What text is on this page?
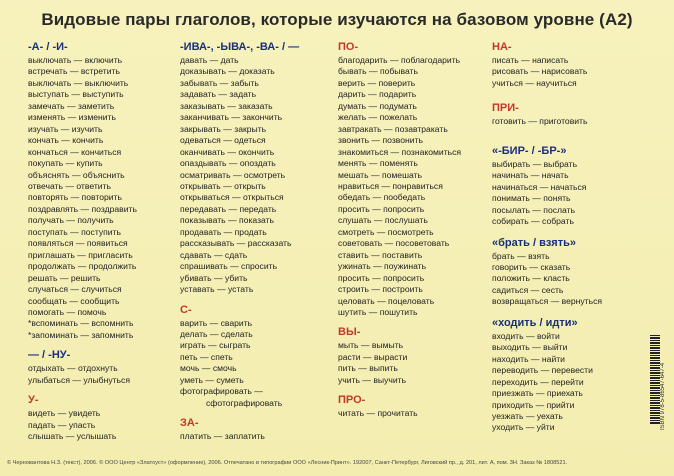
Видовые пары глаголов, которые изучаются на базовом уровне (A2)
-А- / -И-
выключать — включить
встречать — встретить
выключать — выключить
выступать — выступить
замечать — заметить
изменять — изменить
изучать — изучить
кончать — кончить
кончаться — кончиться
покупать — купить
объяснять — объяснить
отвечать — ответить
повторять — повторить
поздравлять — поздравить
получать — получить
поступать — поступить
появляться — появиться
приглашать — пригласить
продолжать — продолжить
решать — решить
случаться — случиться
сообщать — сообщить
помогать — помочь
*вспоминать — вспомнить
*запоминать — запомнить
— / -НУ-
отдыхать — отдохнуть
улыбаться — улыбнуться
У-
видеть — увидеть
падать — упасть
слышать — услышать
-ИВА-, -ЫВА-, -ВА- / —
давать — дать
доказывать — доказать
забывать — забыть
задавать — задать
заказывать — заказать
заканчивать — закончить
закрывать — закрыть
одеваться — одеться
оканчивать — окончить
опаздывать — опоздать
осматривать — осмотреть
открывать — открыть
открываться — открыться
передавать — передать
показывать — показать
продавать — продать
рассказывать — рассказать
сдавать — сдать
спрашивать — спросить
убивать — убить
уставать — устать
С-
варить — сварить
делать — сделать
играть — сыграть
петь — спеть
мочь — смочь
уметь — суметь
фотографировать —
сфотографировать
ЗА-
платить — заплатить
ПО-
благодарить — поблагодарить
бывать — побывать
верить — поверить
дарить — подарить
думать — подумать
желать — пожелать
завтракать — позавтракать
звонить — позвонить
знакомиться — познакомиться
менять — поменять
мешать — помешать
нравиться — понравиться
обедать — пообедать
просить — попросить
слушать — послушать
смотреть — посмотреть
советовать — посоветовать
ставить — поставить
ужинать — поужинать
просить — попросить
строить — построить
целовать — поцеловать
шутить — пошутить
ВЫ-
мыть — вымыть
расти — вырасти
пить — выпить
учить — выучить
ПРО-
читать — прочитать
НА-
писать — написать
рисовать — нарисовать
учиться — научиться
ПРИ-
готовить — приготовить
«-БИР- / -БР-»
выбирать — выбрать
начинать — начать
начинаться — начаться
понимать — понять
посылать — послать
собирать — собрать
«брать / взять»
брать — взять
говорить — сказать
положить — класть
садиться — сесть
возвращаться — вернуться
«ходить / идти»
входить — войти
выходить — выйти
находить — найти
переводить — перевести
переходить — перейти
приезжать — приехать
приходить — прийти
уезжать — уехать
уходить — уйти	ISBN 978-5-86547-647-4
© Черновантова Н.З. (текст), 2006. © ООО Центр «Златоуст» (оформление), 2006. Отпечатано в типографии ООО «Лесник-Принт». 192007, Санкт-Петербург, Лиговский пр., д. 201, лит. А, пом. 3Н. Заказ № 1808521.
